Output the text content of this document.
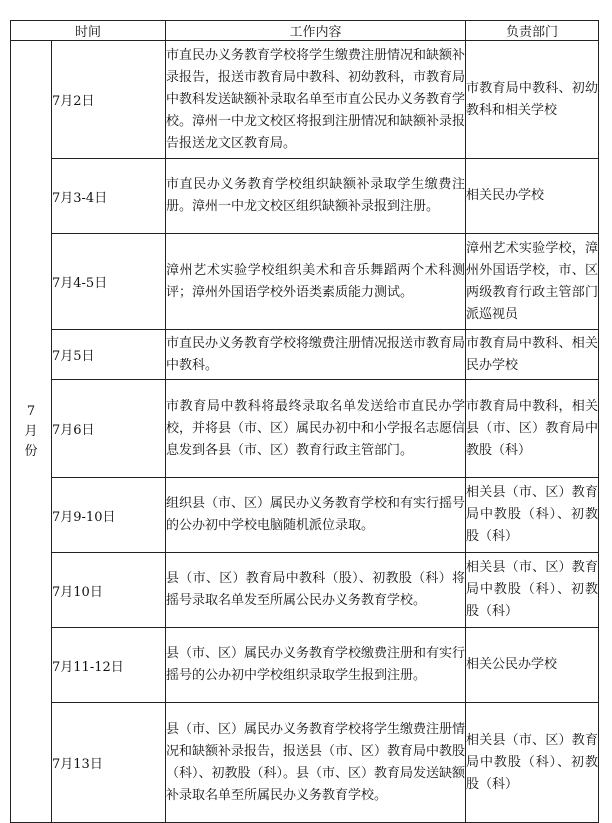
时间		工作内容	负责部门
7月份	7月2日	市直民办义务教育学校将学生缴费注册情况和缺额补录报告，报送市教育局中教科、初幼教科，市教育局中教科发送缺额补录取名单至市直公民办义务教育学校。漳州一中龙文校区将报到注册情况和缺额补录报告报送龙文区教育局。	市教育局中教科、初幼教科和相关学校
	7月3-4日	市直民办义务教育学校组织缺额补录取学生缴费注册。漳州一中龙文校区组织缺额补录报到注册。	相关民办学校
	7月4-5日	漳州艺术实验学校组织美术和音乐舞蹈两个术科测评；漳州外国语学校外语类素质能力测试。	漳州艺术实验学校，漳州外国语学校，市、区两级教育行政主管部门派巡视员
	7月5日	市直民办义务教育学校将缴费注册情况报送市教育局中教科。	市教育局中教科、相关民办学校
	7月6日	市教育局中教科将最终录取名单发送给市直民办学校，并将县（市、区）属民办初中和小学报名志愿信息发到各县（市、区）教育行政主管部门。	市教育局中教科，相关县（市、区）教育局中教股（科）
	7月9-10日	组织县（市、区）属民办义务教育学校和有实行摇号的公办初中学校电脑随机派位录取。	相关县（市、区）教育局中教股（科）、初教股（科）
	7月10日	县（市、区）教育局中教科（股）、初教股（科）将摇号录取名单发至所属公民办义务教育学校。	相关县（市、区）教育局中教股（科）、初教股（科）
	7月11-12日	县（市、区）属民办义务教育学校缴费注册和有实行摇号的公办初中学校组织录取学生报到注册。	相关公民办学校
	7月13日	县（市、区）属民办义务教育学校将学生缴费注册情况和缺额补录报告，报送县（市、区）教育局中教股（科）、初教股（科）。县（市、区）教育局发送缺额补录取名单至所属民办义务教育学校。	相关县（市、区）教育局中教股（科）、初教股（科）
